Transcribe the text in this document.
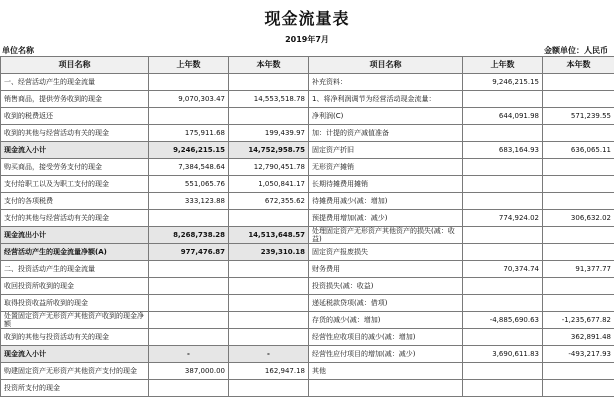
现金流量表
2019年7月
单位名称	金额单位：人民币
项目名称	上年数	本年数	项目名称	上年数	本年数
一、经营活动产生的现金流量			补充资料：	9,246,215.15	
销售商品，提供劳务收到的现金	9,070,303.47	14,553,518.78	1、将净利润调节为经营活动现金流量：		
收到的税费返还			净利润(C)	644,091.98	571,239.55
收到的其他与经营活动有关的现金	175,911.68	199,439.97	加：计提的资产减值准备		
现金流入小计	9,246,215.15	14,752,958.75	固定资产折旧	683,164.93	636,065.11
购买商品，接受劳务支付的现金	7,384,548.64	12,790,451.78	无形资产摊销		
支付给职工以及为职工支付的现金	551,065.76	1,050,841.17	长期待摊费用摊销		
支付的各项税费	333,123.88	672,355.62	待摊费用减少(减：增加)		
支付的其他与经营活动有关的现金			预提费用增加(减：减少)	774,924.02	306,632.02
现金流出小计	8,268,738.28	14,513,648.57	处理固定资产无形资产其他资产的损失(减：收益)		
经营活动产生的现金流量净额(A)	977,476.87	239,310.18	固定资产报废损失		
二、投资活动产生的现金流量			财务费用	70,374.74	91,377.77
收回投资所收到的现金			投资损失(减：收益)		
取得投资收益所收到的现金			递延税款贷项(减：借项)		
处置固定资产无形资产其他资产收到的现金净额			存货的减少(减：增加)	-4,885,690.63	-1,235,677.82
收到的其他与投资活动有关的现金			经营性应收项目的减少(减：增加)		362,891.48
现金流入小计	-	-	经营性应付项目的增加(减：减少)	3,690,611.83	-493,217.93
购建固定资产无形资产其他资产支付的现金	387,000.00	162,947.18	其他		
投资所支付的现金					
